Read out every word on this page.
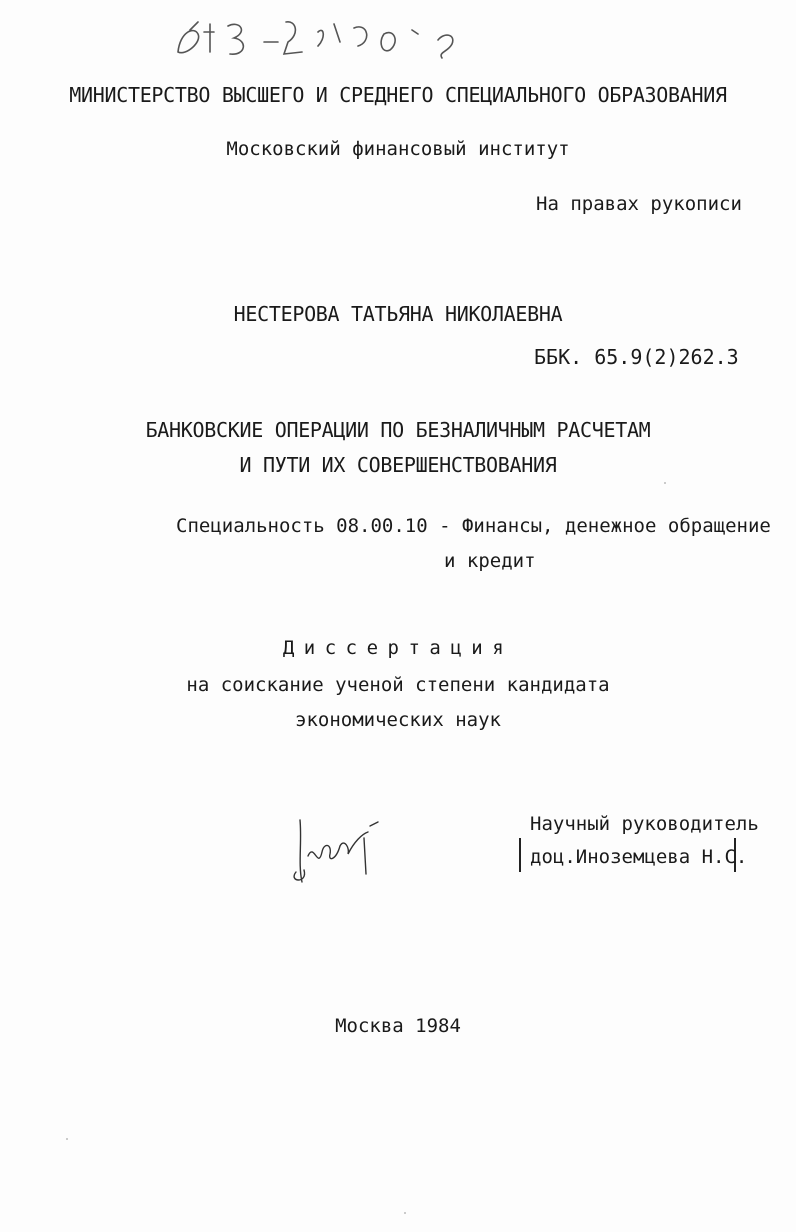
МИНИСТЕРСТВО ВЫСШЕГО И СРЕДНЕГО СПЕЦИАЛЬНОГО ОБРАЗОВАНИЯ
Московский финансовый институт
На правах рукописи
НЕСТЕРОВА ТАТЬЯНА НИКОЛАЕВНА
ББК. 65.9(2)262.3
БАНКОВСКИЕ ОПЕРАЦИИ ПО БЕЗНАЛИЧНЫМ РАСЧЕТАМ
И ПУТИ ИХ СОВЕРШЕНСТВОВАНИЯ
Специальность 08.00.10 - Финансы, денежное обращение
и кредит
Диссертация
на соискание ученой степени кандидата
экономических наук
Научный руководитель
доц.Иноземцева Н.С.
Москва 1984
